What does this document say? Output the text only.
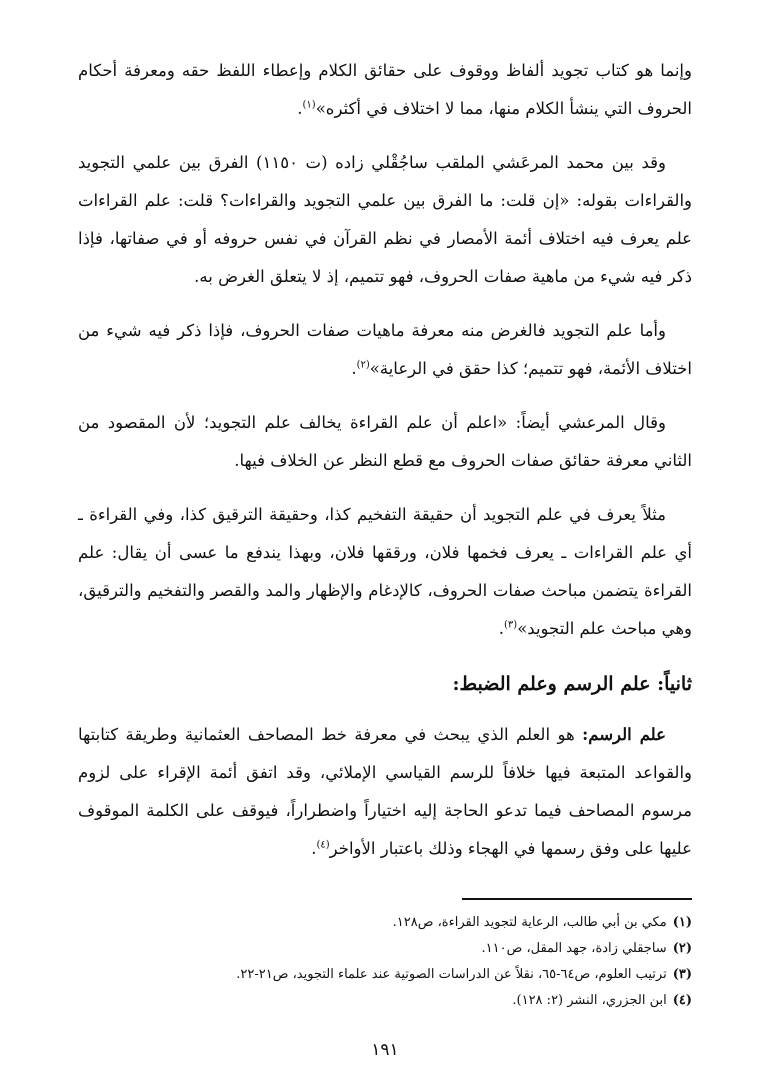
وإنما هو كتاب تجويد ألفاظ ووقوف على حقائق الكلام وإعطاء اللفظ حقه ومعرفة أحكام الحروف التي ينشأ الكلام منها، مما لا اختلاف في أكثره»$^{(١)}$.

وقد بين محمد المرعَشي الملقب ساجُقْلي زاده (ت ١١٥٠) الفرق بين علمي التجويد والقراءات بقوله: «إن قلت: ما الفرق بين علمي التجويد والقراءات؟ قلت: علم القراءات علم يعرف فيه اختلاف أئمة الأمصار في نظم القرآن في نفس حروفه أو في صفاتها، فإذا ذكر فيه شيء من ماهية صفات الحروف، فهو تتميم، إذ لا يتعلق الغرض به.

وأما علم التجويد فالغرض منه معرفة ماهيات صفات الحروف، فإذا ذكر فيه شيء من اختلاف الأئمة، فهو تتميم؛ كذا حقق في الرعاية»$^{(٢)}$.

وقال المرعشي أيضاً: «اعلم أن علم القراءة يخالف علم التجويد؛ لأن المقصود من الثاني معرفة حقائق صفات الحروف مع قطع النظر عن الخلاف فيها.

مثلاً يعرف في علم التجويد أن حقيقة التفخيم كذا، وحقيقة الترقيق كذا، وفي القراءة ـ أي علم القراءات ـ يعرف فخمها فلان، ورققها فلان، وبهذا يندفع ما عسى أن يقال: علم القراءة يتضمن مباحث صفات الحروف، كالإدغام والإظهار والمد والقصر والتفخيم والترقيق، وهي مباحث علم التجويد»$^{(٣)}$.

ثانياً: علم الرسم وعلم الضبط:

علم الرسم: هو العلم الذي يبحث في معرفة خط المصاحف العثمانية وطريقة كتابتها والقواعد المتبعة فيها خلافاً للرسم القياسي الإملائي، وقد اتفق أئمة الإقراء على لزوم مرسوم المصاحف فيما تدعو الحاجة إليه اختياراً واضطراراً، فيوقف على الكلمة الموقوف عليها على وفق رسمها في الهجاء وذلك باعتبار الأواخر$^{(٤)}$.

(١)مكي بن أبي طالب، الرعاية لتجويد القراءة، ص١٢٨.
(٢)ساجقلي زادة، جهد المقل، ص١١٠.
(٣)ترتيب العلوم، ص٦٤-٦٥، نقلاً عن الدراسات الصوتية عند علماء التجويد، ص٢١-٢٢.
(٤)ابن الجزري، النشر (٢: ١٢٨).
١٩١
